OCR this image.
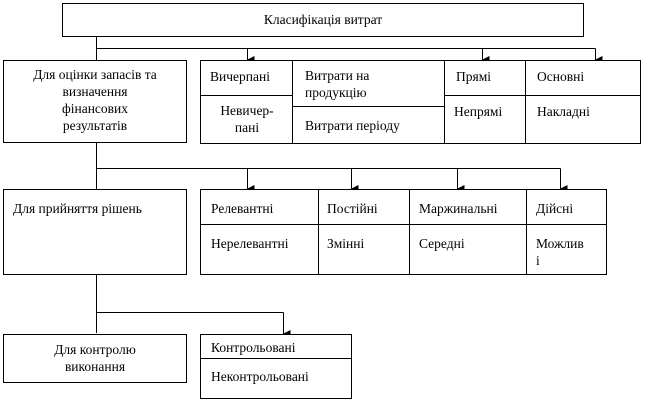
Класифікація витрат
Для оцінки запасів та
визначення
фінансових
результатів
Для прийняття рішень
Для контролю
виконання
Вичерпані
Невичер-
пані
Витрати на
продукцію
Витрати періоду
Прямі
Непрямі
Основні
Накладні
Релевантні
Нерелевантні
Постійні
Змінні
Маржинальні
Середні
Дійсні
Можлив
і
Контрольовані
Неконтрольовані
